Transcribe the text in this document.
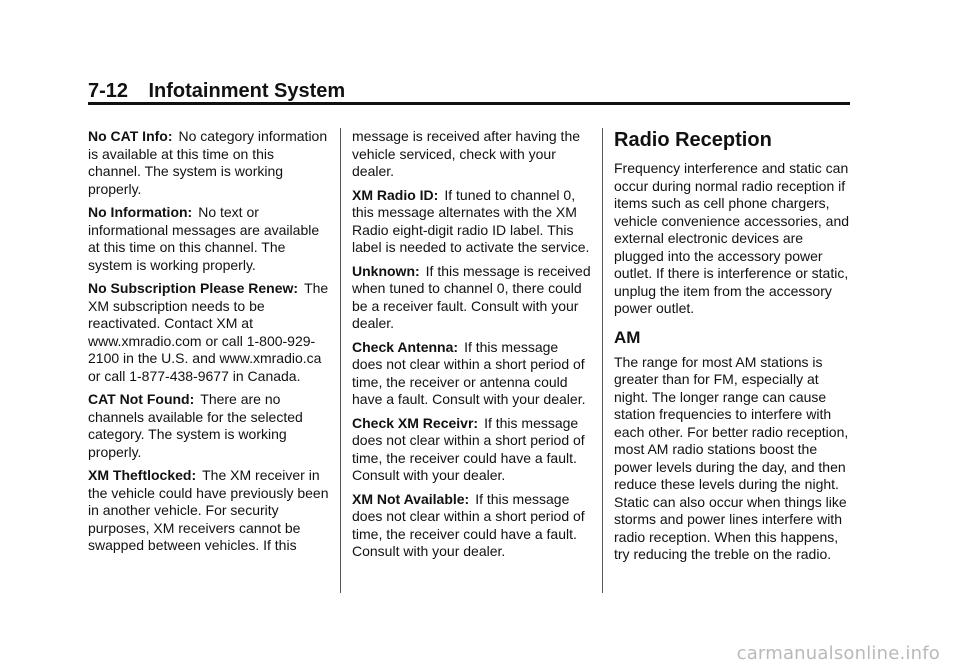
7-12 Infotainment System

No CAT Info: No category information is available at this time on this channel. The system is working properly.

No Information: No text or informational messages are available at this time on this channel. The system is working properly.

No Subscription Please Renew: The XM subscription needs to be reactivated. Contact XM at www.xmradio.com or call 1-800-929-2100 in the U.S. and www.xmradio.ca or call 1-877-438-9677 in Canada.

CAT Not Found: There are no channels available for the selected category. The system is working properly.

XM Theftlocked: The XM receiver in the vehicle could have previously been in another vehicle. For security purposes, XM receivers cannot be swapped between vehicles. If this

message is received after having the vehicle serviced, check with your dealer.

XM Radio ID: If tuned to channel 0, this message alternates with the XM Radio eight-digit radio ID label. This label is needed to activate the service.

Unknown: If this message is received when tuned to channel 0, there could be a receiver fault. Consult with your dealer.

Check Antenna: If this message does not clear within a short period of time, the receiver or antenna could have a fault. Consult with your dealer.

Check XM Receivr: If this message does not clear within a short period of time, the receiver could have a fault. Consult with your dealer.

XM Not Available: If this message does not clear within a short period of time, the receiver could have a fault. Consult with your dealer.

Radio Reception

Frequency interference and static can occur during normal radio reception if items such as cell phone chargers, vehicle convenience accessories, and external electronic devices are plugged into the accessory power outlet. If there is interference or static, unplug the item from the accessory power outlet.

AM

The range for most AM stations is greater than for FM, especially at night. The longer range can cause station frequencies to interfere with each other. For better radio reception, most AM radio stations boost the power levels during the day, and then reduce these levels during the night. Static can also occur when things like storms and power lines interfere with radio reception. When this happens, try reducing the treble on the radio.

carmanualsonline.info
